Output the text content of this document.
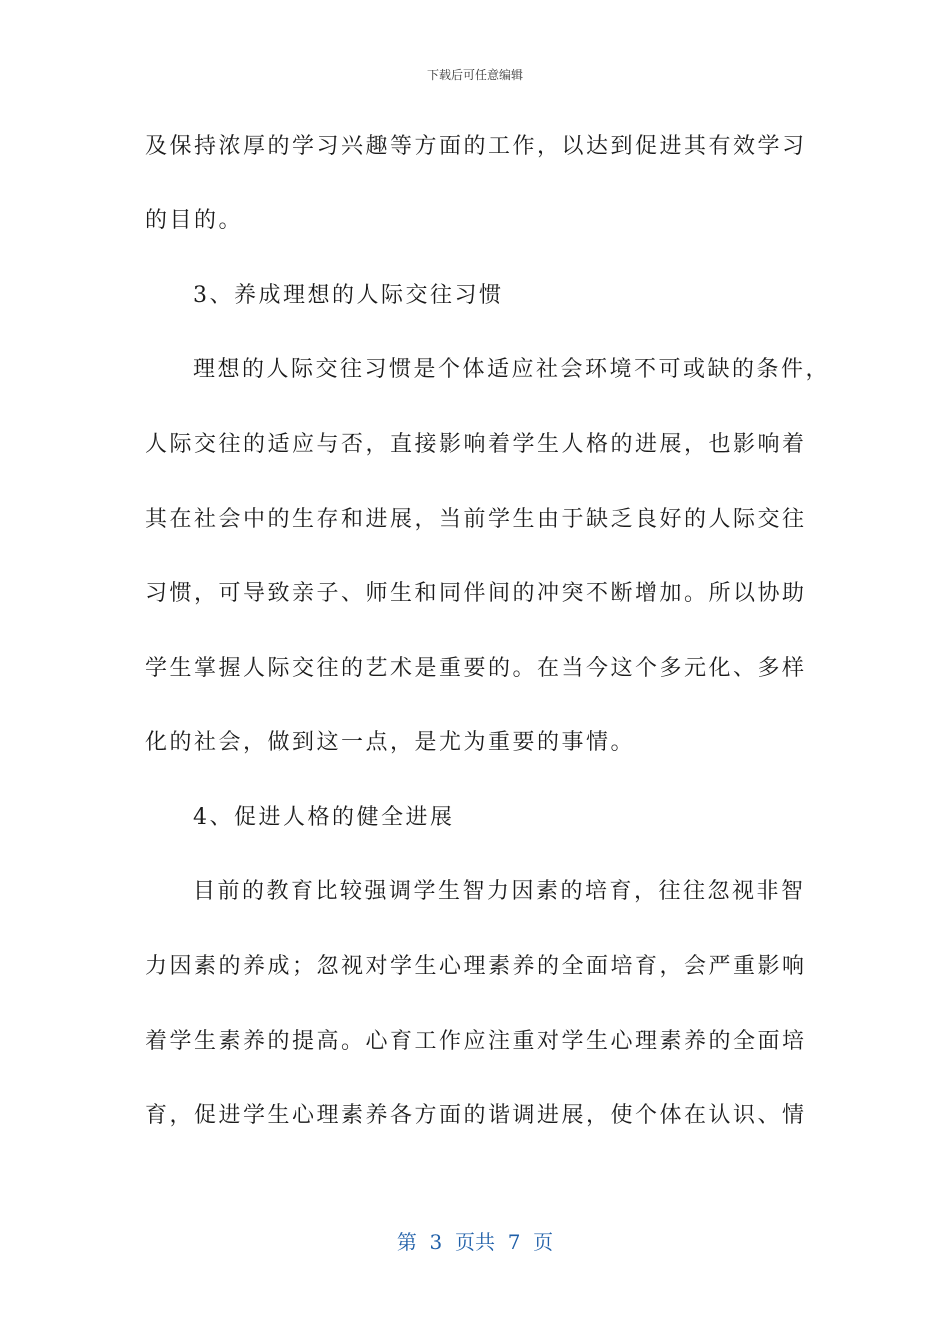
下载后可任意编辑
及保持浓厚的学习兴趣等方面的工作，以达到促进其有效学习
的目的。
3、养成理想的人际交往习惯
理想的人际交往习惯是个体适应社会环境不可或缺的条件，
人际交往的适应与否，直接影响着学生人格的进展，也影响着
其在社会中的生存和进展，当前学生由于缺乏良好的人际交往
习惯，可导致亲子、师生和同伴间的冲突不断增加。所以协助
学生掌握人际交往的艺术是重要的。在当今这个多元化、多样
化的社会，做到这一点，是尤为重要的事情。
4、促进人格的健全进展
目前的教育比较强调学生智力因素的培育，往往忽视非智
力因素的养成；忽视对学生心理素养的全面培育，会严重影响
着学生素养的提高。心育工作应注重对学生心理素养的全面培
育，促进学生心理素养各方面的谐调进展，使个体在认识、情
第  3  页共  7  页
